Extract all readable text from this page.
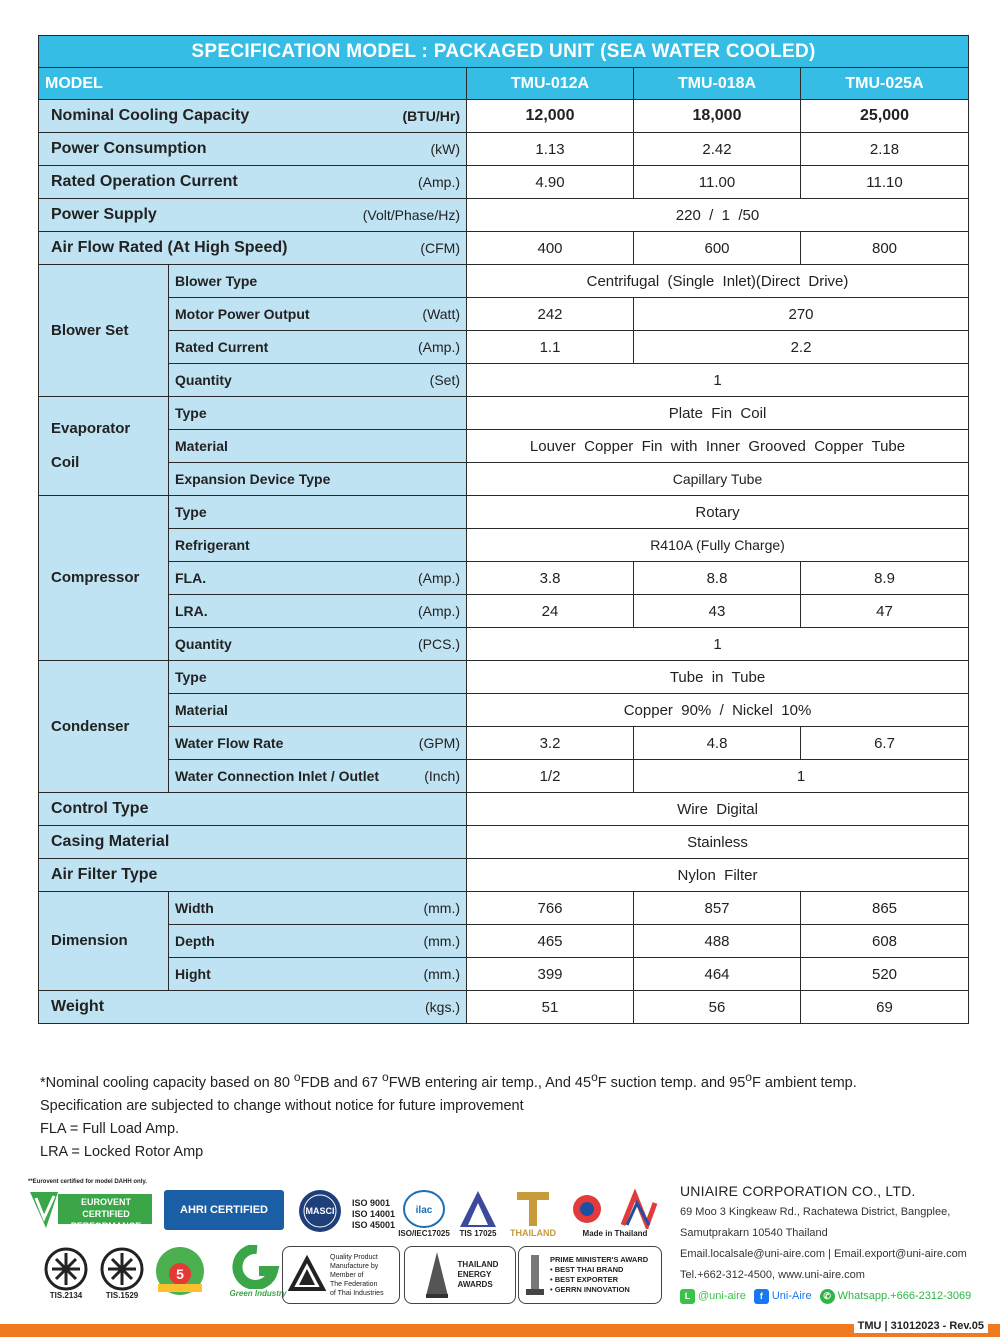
SPECIFICATION MODEL : PACKAGED UNIT (SEA WATER COOLED)				
MODEL		TMU-012A	TMU-018A	TMU-025A

Nominal Cooling Capacity (BTU/Hr)		12,000	18,000	25,000

Power Consumption (kW)		1.13	2.42	2.18

Rated Operation Current (Amp.)		4.90	11.00	11.10

Power Supply (Volt/Phase/Hz)		220  /  1  /50		

Air Flow Rated (At High Speed) (CFM)		400	600	800
Blower Set	Blower Type	Centrifugal  (Single  Inlet)(Direct  Drive)		

	Motor Power Output (Watt)	242	270	

	Rated Current (Amp.)	1.1	2.2	

	Quantity (Set)	1		
Evaporator
Coil	Type	Plate  Fin  Coil		
	Material	Louver  Copper  Fin  with  Inner  Grooved  Copper  Tube		
	Expansion Device Type	Capillary Tube		
Compressor	Type	Rotary		
	Refrigerant	R410A (Fully Charge)		

	FLA. (Amp.)	3.8	8.8	8.9

	LRA. (Amp.)	24	43	47

	Quantity (PCS.)	1		
Condenser	Type	Tube  in  Tube		
	Material	Copper  90%  /  Nickel  10%		

	Water Flow Rate (GPM)	3.2	4.8	6.7

	Water Connection Inlet / Outlet (Inch)	1/2	1	
Control Type		Wire  Digital		
Casing Material		Stainless		
Air Filter Type		Nylon  Filter		
Dimension	Width (mm.)	766	857	865

	Depth (mm.)	465	488	608

	Hight (mm.)	399	464	520

Weight (kgs.)		51	56	69

*Nominal cooling capacity based on 80 $^o$FDB and 67 $^o$FWB entering air temp., And 45$^o$F suction temp. and 95$^o$F ambient temp.

Specification are subjected to change without notice for future improvement

FLA = Full Load Amp.

LRA = Locked Rotor Amp

**Eurovent certified for model DAHH only.
EUROVENT CERTIFIED PERFORMANCE
AHRI CERTIFIED	MASCI
ISO 9001
ISO 14001
ISO 45001
ilac
ISO/IEC17025 TIS 17025 THAILAND	Made in Thailand
TIS.2134	TIS.1529
5
Green Industry
Quality Product
Manufacture by
Member of
The Federation
of Thai Industries
THAILAND
ENERGY
AWARDS
PRIME MINISTER'S AWARD
• BEST THAI BRAND
• BEST EXPORTER
• GERRN INNOVATION
UNIAIRE CORPORATION CO., LTD.
69 Moo 3 Kingkeaw Rd., Rachatewa District, Bangplee,
Samutprakarn 10540 Thailand
Email.localsale@uni-aire.com | Email.export@uni-aire.com
Tel.+662-312-4500, www.uni-aire.com
L @uni-aire	f Uni-Aire	✆ Whatsapp.+666-2312-3069
TMU | 31012023 - Rev.05
